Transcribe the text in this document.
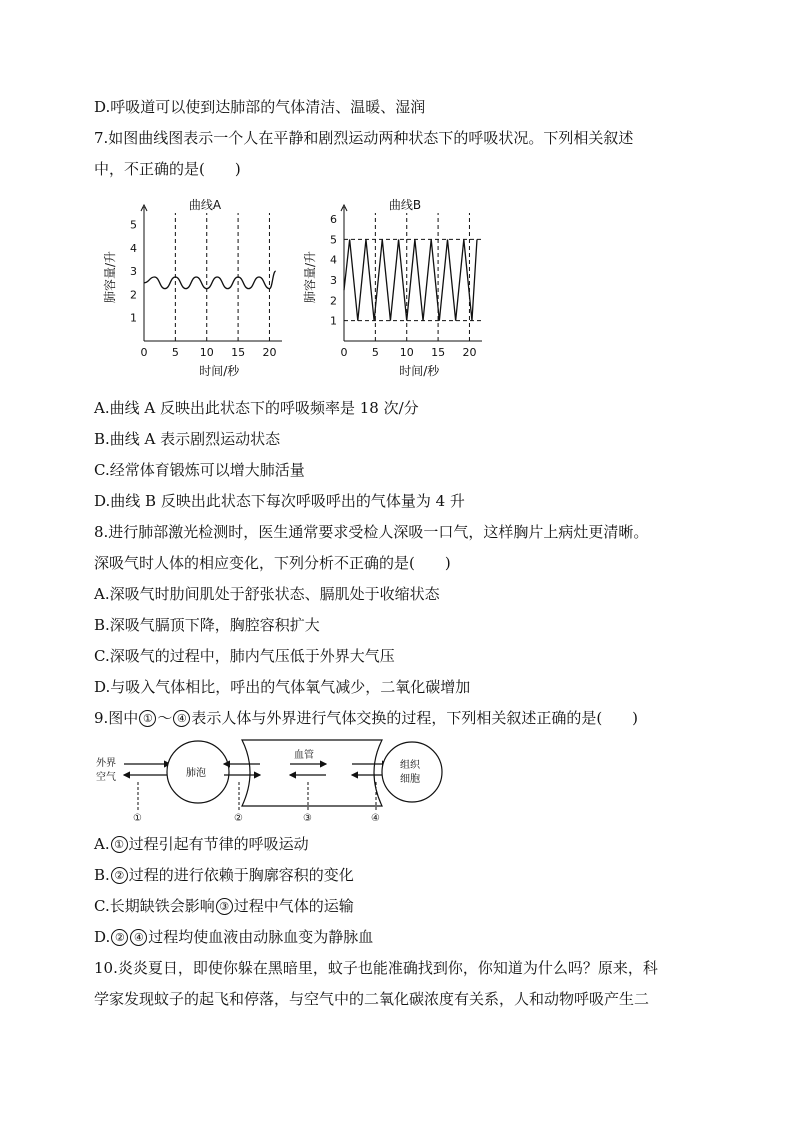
D.呼吸道可以使到达肺部的气体清洁、温暖、湿润
7.如图曲线图表示一个人在平静和剧烈运动两种状态下的呼吸状况。下列相关叙述
中，不正确的是(　　)
曲线A
1
2
3
4
5
0 5 10 15 20
肺容量/升
时间/秒
曲线B
1
2
3
4
5
6
0 5 10 15 20
肺容量/升
时间/秒
A.曲线 A 反映出此状态下的呼吸频率是 18 次/分
B.曲线 A 表示剧烈运动状态
C.经常体育锻炼可以增大肺活量
D.曲线 B 反映出此状态下每次呼吸呼出的气体量为 4 升
8.进行肺部激光检测时，医生通常要求受检人深吸一口气，这样胸片上病灶更清晰。
深吸气时人体的相应变化，下列分析不正确的是(　　)
A.深吸气时肋间肌处于舒张状态、膈肌处于收缩状态
B.深吸气膈顶下降，胸腔容积扩大
C.深吸气的过程中，肺内气压低于外界大气压
D.与吸入气体相比，呼出的气体氧气减少，二氧化碳增加
9.图中 ① ～ ④ 表示人体与外界进行气体交换的过程，下列相关叙述正确的是(　　)
外界
空气	肺泡
血管
组织
细胞
①	②	③	④
A. ① 过程引起有节律的呼吸运动
B. ② 过程的进行依赖于胸廓容积的变化
C.长期缺铁会影响 ③ 过程中气体的运输
D. ② ④ 过程均使血液由动脉血变为静脉血
10.炎炎夏日，即使你躲在黑暗里，蚊子也能准确找到你，你知道为什么吗？原来，科
学家发现蚊子的起飞和停落，与空气中的二氧化碳浓度有关系，人和动物呼吸产生二
